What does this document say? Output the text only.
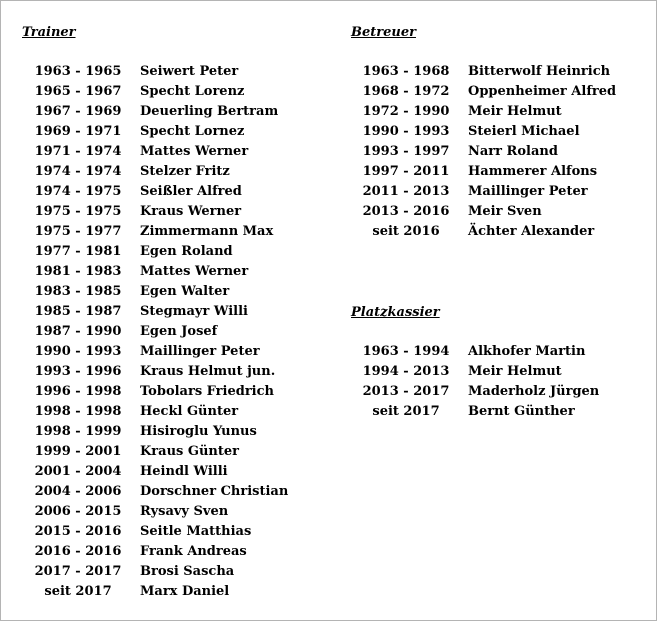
Trainer
1963 - 1965	Seiwert Peter
1965 - 1967	Specht Lorenz
1967 - 1969	Deuerling Bertram
1969 - 1971	Specht Lornez
1971 - 1974	Mattes Werner
1974 - 1974	Stelzer Fritz
1974 - 1975	Seißler Alfred
1975 - 1975	Kraus Werner
1975 - 1977	Zimmermann Max
1977 - 1981	Egen Roland
1981 - 1983	Mattes Werner
1983 - 1985	Egen Walter
1985 - 1987	Stegmayr Willi
1987 - 1990	Egen Josef
1990 - 1993	Maillinger Peter
1993 - 1996	Kraus Helmut jun.
1996 - 1998	Tobolars Friedrich
1998 - 1998	Heckl Günter
1998 - 1999	Hisiroglu Yunus
1999 - 2001	Kraus Günter
2001 - 2004	Heindl Willi
2004 - 2006	Dorschner Christian
2006 - 2015	Rysavy Sven
2015 - 2016	Seitle Matthias
2016 - 2016	Frank Andreas
2017 - 2017	Brosi Sascha
seit 2017	Marx Daniel
Betreuer
1963 - 1968	Bitterwolf Heinrich
1968 - 1972	Oppenheimer Alfred
1972 - 1990	Meir Helmut
1990 - 1993	Steierl Michael
1993 - 1997	Narr Roland
1997 - 2011	Hammerer Alfons
2011 - 2013	Maillinger Peter
2013 - 2016	Meir Sven
seit 2016	Ächter Alexander
Platzkassier
1963 - 1994	Alkhofer Martin
1994 - 2013	Meir Helmut
2013 - 2017	Maderholz Jürgen
seit 2017	Bernt Günther
